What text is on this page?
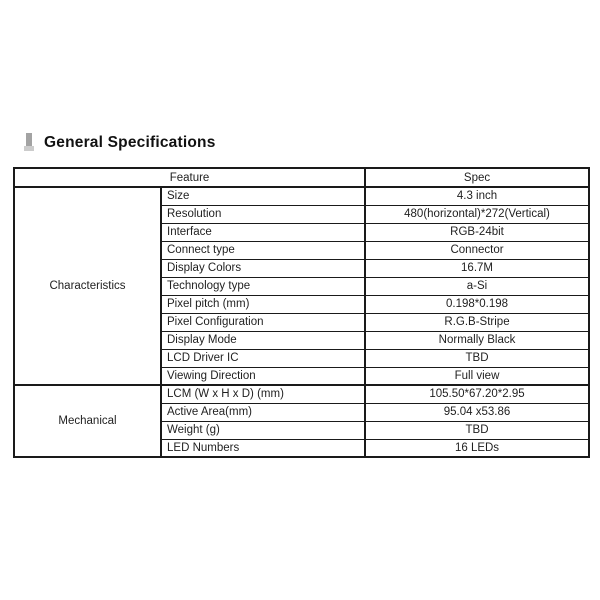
General Specifications
Feature		Spec
Characteristics	Size	4.3 inch
	Resolution	480(horizontal)*272(Vertical)
	Interface	RGB-24bit
	Connect type	Connector
	Display Colors	16.7M
	Technology type	a-Si
	Pixel pitch (mm)	0.198*0.198
	Pixel Configuration	R.G.B-Stripe
	Display Mode	Normally Black
	LCD Driver IC	TBD
	Viewing Direction	Full view
Mechanical	LCM (W x H x D) (mm)	105.50*67.20*2.95
	Active Area(mm)	95.04 x53.86
	Weight (g)	TBD
	LED Numbers	16 LEDs
